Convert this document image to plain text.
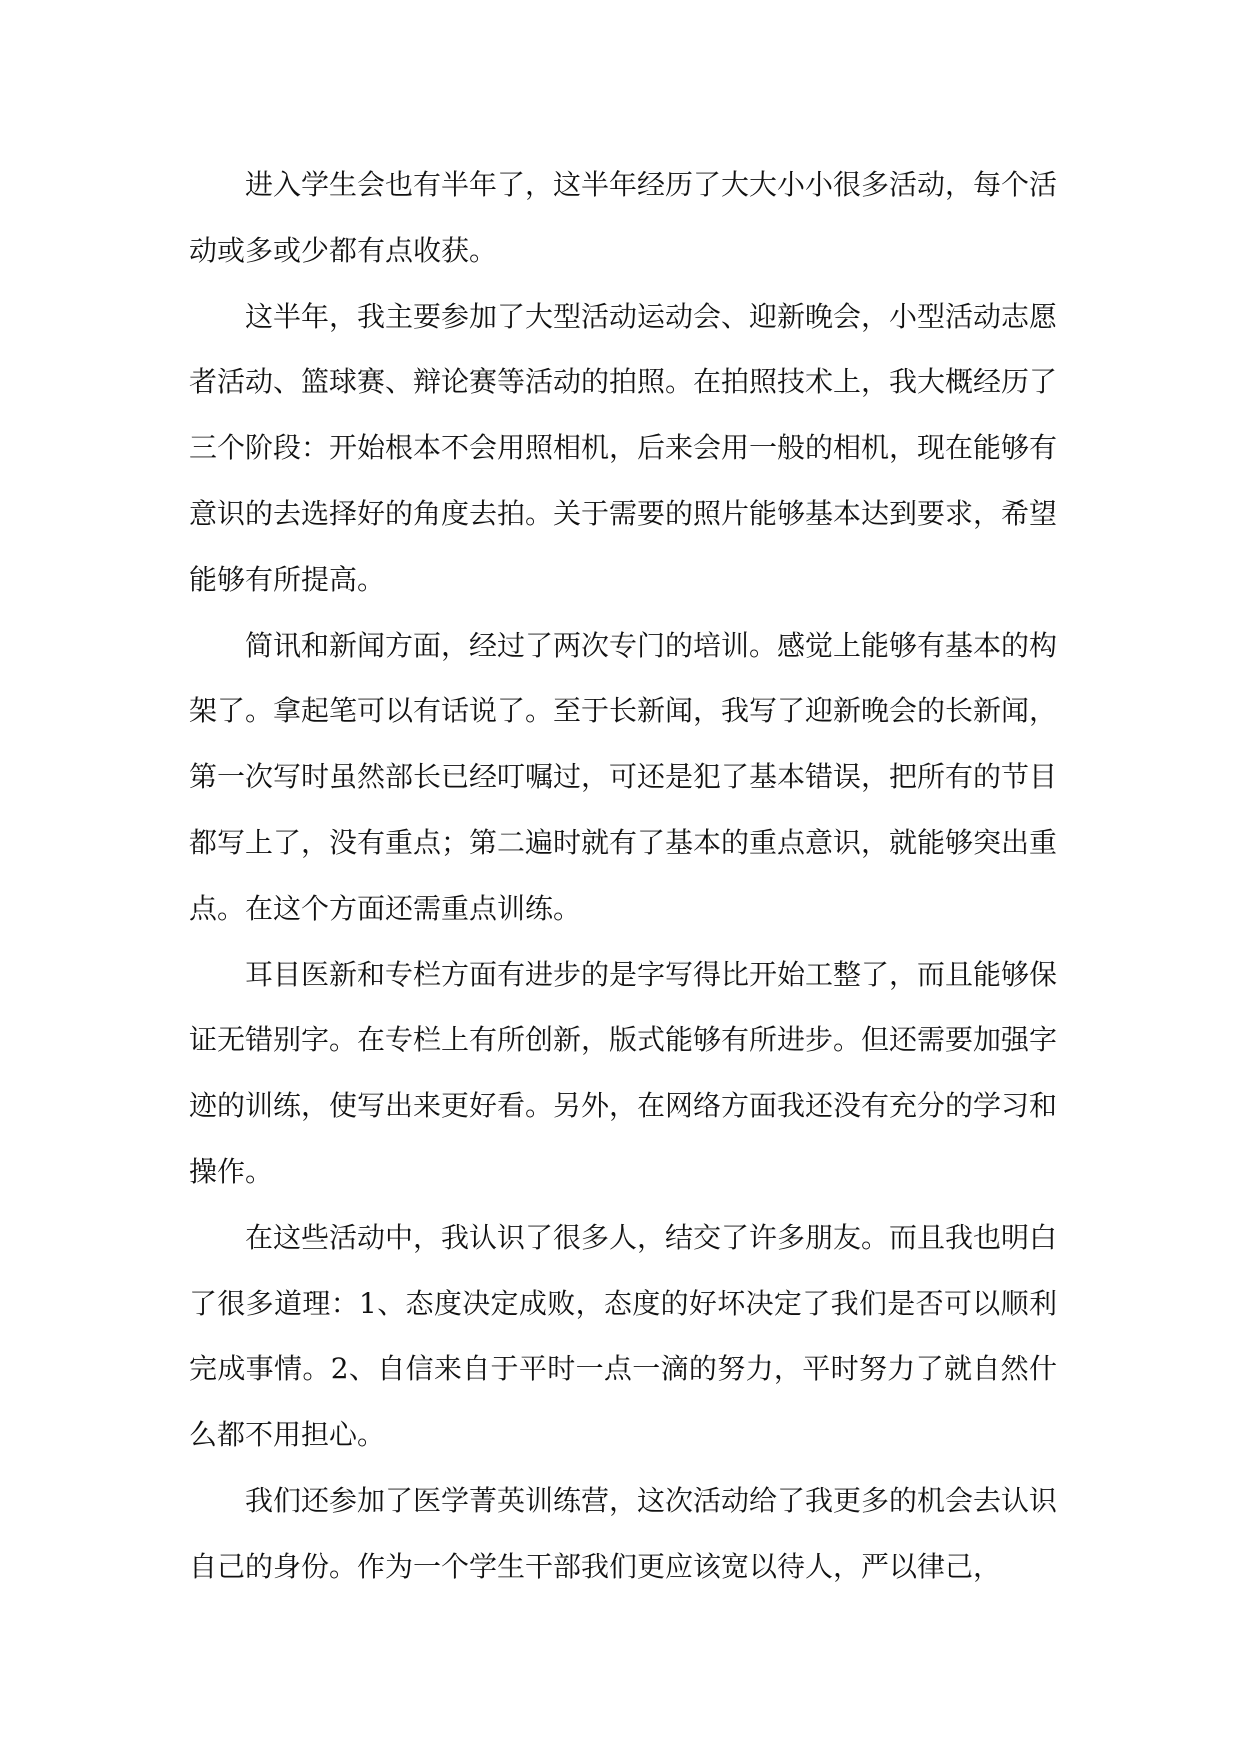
进入学生会也有半年了，这半年经历了大大小小很多活动，每个活动或多或少都有点收获。

这半年，我主要参加了大型活动运动会、迎新晚会，小型活动志愿者活动、篮球赛、辩论赛等活动的拍照。在拍照技术上，我大概经历了三个阶段：开始根本不会用照相机，后来会用一般的相机，现在能够有意识的去选择好的角度去拍。关于需要的照片能够基本达到要求，希望能够有所提高。

简讯和新闻方面，经过了两次专门的培训。感觉上能够有基本的构架了。拿起笔可以有话说了。至于长新闻，我写了迎新晚会的长新闻，第一次写时虽然部长已经叮嘱过，可还是犯了基本错误，把所有的节目都写上了，没有重点；第二遍时就有了基本的重点意识，就能够突出重点。在这个方面还需重点训练。

耳目医新和专栏方面有进步的是字写得比开始工整了，而且能够保证无错别字。在专栏上有所创新，版式能够有所进步。但还需要加强字迹的训练，使写出来更好看。另外，在网络方面我还没有充分的学习和操作。

在这些活动中，我认识了很多人，结交了许多朋友。而且我也明白了很多道理：1、态度决定成败，态度的好坏决定了我们是否可以顺利完成事情。2、自信来自于平时一点一滴的努力，平时努力了就自然什么都不用担心。

我们还参加了医学菁英训练营，这次活动给了我更多的机会去认识自己的身份。作为一个学生干部我们更应该宽以待人，严以律己，
